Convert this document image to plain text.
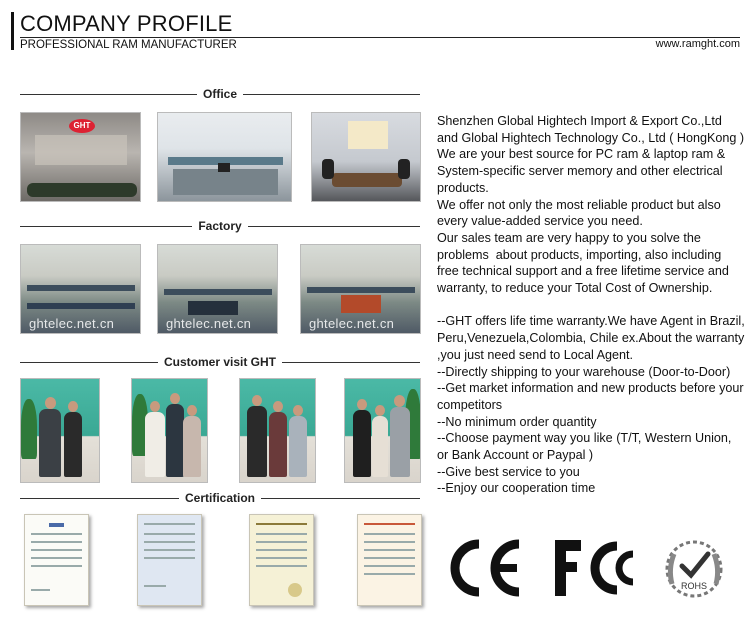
COMPANY PROFILE
PROFESSIONAL RAM MANUFACTURER	www.ramght.com
Office
GHT
Factory
ghtelec.net.cn	ghtelec.net.cn	ghtelec.net.cn
Customer visit GHT
Certification

Shenzhen Global Hightech Import & Export Co.,Ltd and Global Hightech Technology Co., Ltd ( HongKong )

We are your best source for PC ram & laptop ram & System-specific server memory and other electrical products.

We offer not only the most reliable product but also every value-added service you need.

Our sales team are very happy to you solve the problems  about products, importing, also including free technical support and a free lifetime service and warranty, to reduce your Total Cost of Ownership.

--GHT offers life time warranty.We have Agent in Brazil, Peru,Venezuela,Colombia, Chile ex.About the warranty ,you just need send to Local Agent.

--Directly shipping to your warehouse (Door-to-Door)

--Get market information and new products before your competitors

--No minimum order quantity

--Choose payment way you like (T/T, Western Union, or Bank Account or Paypal )

--Give best service to you

--Enjoy our cooperation time

CE	FC
ROHS
